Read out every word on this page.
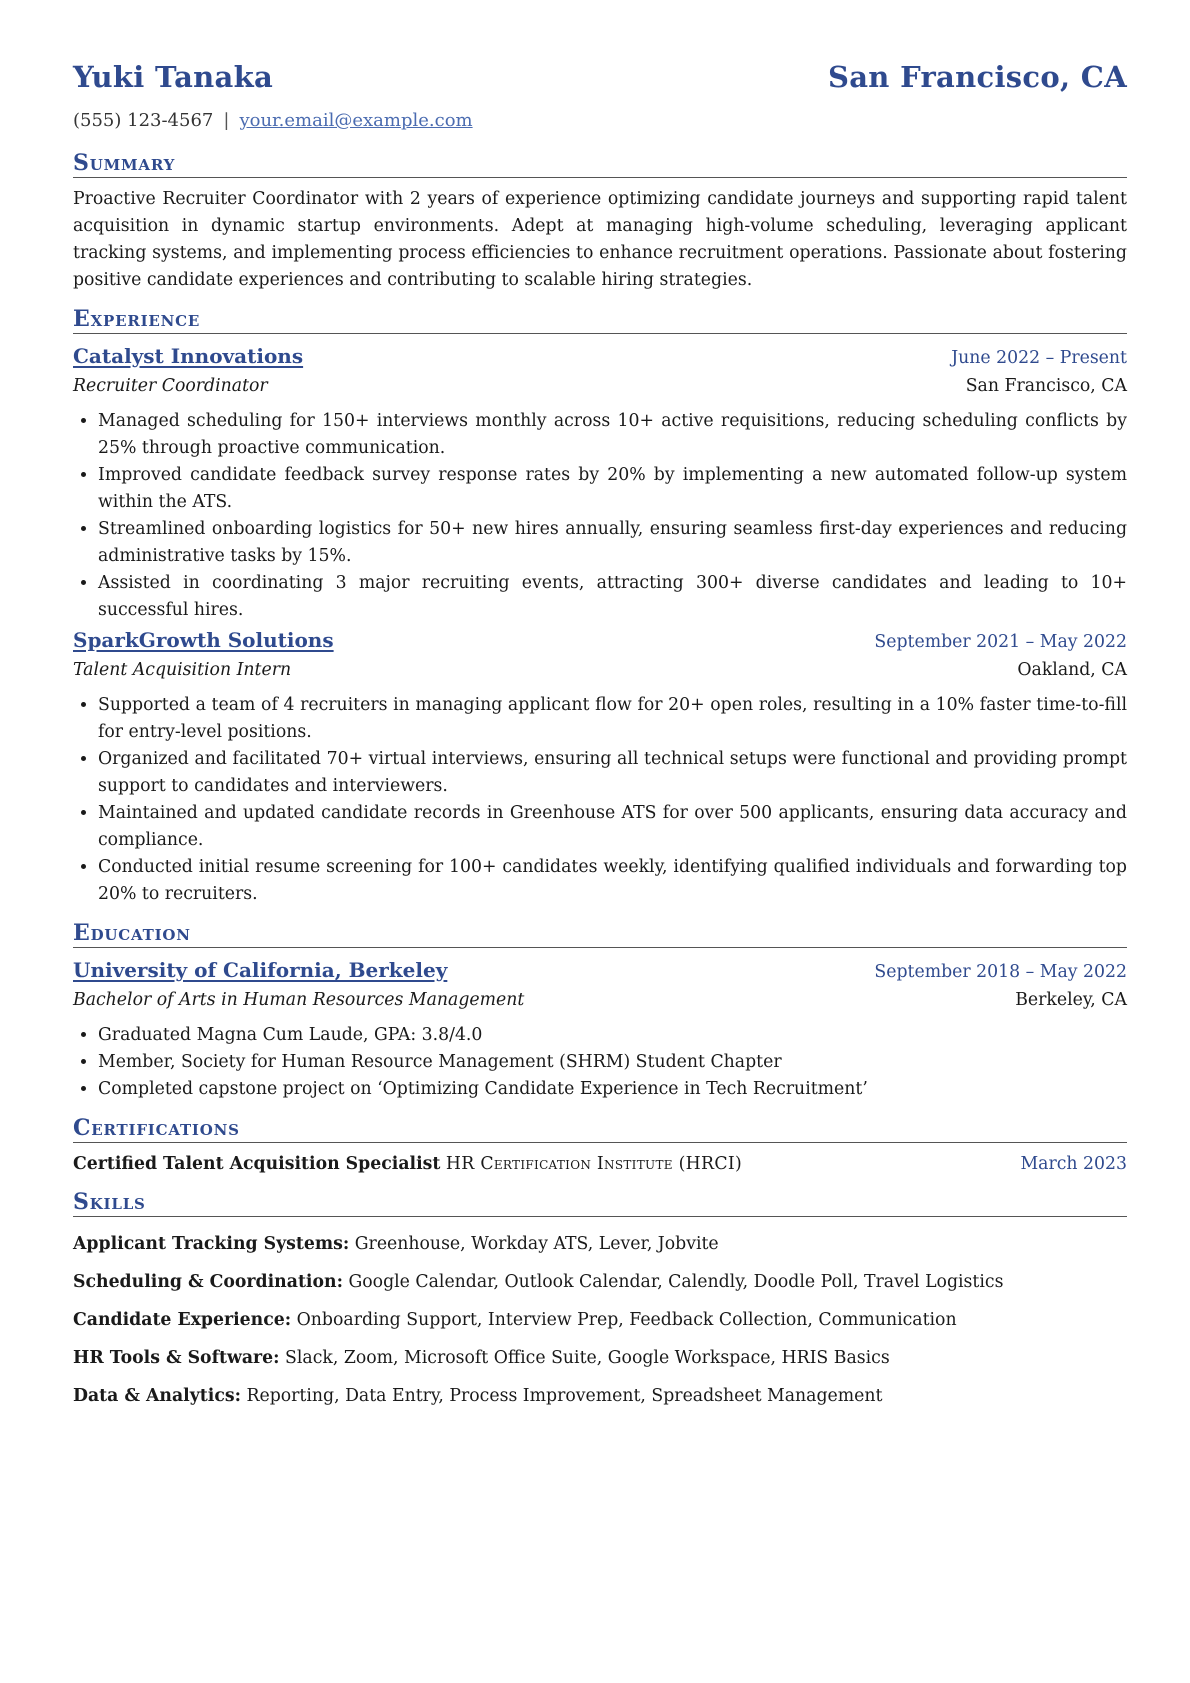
Yuki Tanaka	San Francisco, CA
(555) 123-4567 | your.email@example.com
Summary

Proactive Recruiter Coordinator with 2 years of experience optimizing candidate journeys and supporting rapid talent acquisition in dynamic startup environments. Adept at managing high-volume scheduling, leveraging applicant tracking systems, and implementing process efficiencies to enhance recruitment operations. Passionate about fostering positive candidate experiences and contributing to scalable hiring strategies.

Experience
Catalyst Innovations	June 2022 – Present
Recruiter Coordinator	San Francisco, CA
• Managed scheduling for 150+ interviews monthly across 10+ active requisitions, reducing scheduling conflicts by 25% through proactive communication.
• Improved candidate feedback survey response rates by 20% by implementing a new automated follow-up system within the ATS.
• Streamlined onboarding logistics for 50+ new hires annually, ensuring seamless first-day experiences and reducing administrative tasks by 15%.
• Assisted in coordinating 3 major recruiting events, attracting 300+ diverse candidates and leading to 10+ successful hires.
SparkGrowth Solutions	September 2021 – May 2022
Talent Acquisition Intern	Oakland, CA
• Supported a team of 4 recruiters in managing applicant flow for 20+ open roles, resulting in a 10% faster time-to-fill for entry-level positions.
• Organized and facilitated 70+ virtual interviews, ensuring all technical setups were functional and providing prompt support to candidates and interviewers.
• Maintained and updated candidate records in Greenhouse ATS for over 500 applicants, ensuring data accuracy and compliance.
• Conducted initial resume screening for 100+ candidates weekly, identifying qualified individuals and forwarding top 20% to recruiters.
Education
University of California, Berkeley	September 2018 – May 2022
Bachelor of Arts in Human Resources Management	Berkeley, CA
• Graduated Magna Cum Laude, GPA: 3.8/4.0
• Member, Society for Human Resource Management (SHRM) Student Chapter
• Completed capstone project on ‘Optimizing Candidate Experience in Tech Recruitment’
Certifications
Certified Talent Acquisition Specialist HR Certification Institute (HRCI)	March 2023
Skills
Applicant Tracking Systems: Greenhouse, Workday ATS, Lever, Jobvite
Scheduling & Coordination: Google Calendar, Outlook Calendar, Calendly, Doodle Poll, Travel Logistics
Candidate Experience: Onboarding Support, Interview Prep, Feedback Collection, Communication
HR Tools & Software: Slack, Zoom, Microsoft Office Suite, Google Workspace, HRIS Basics
Data & Analytics: Reporting, Data Entry, Process Improvement, Spreadsheet Management
